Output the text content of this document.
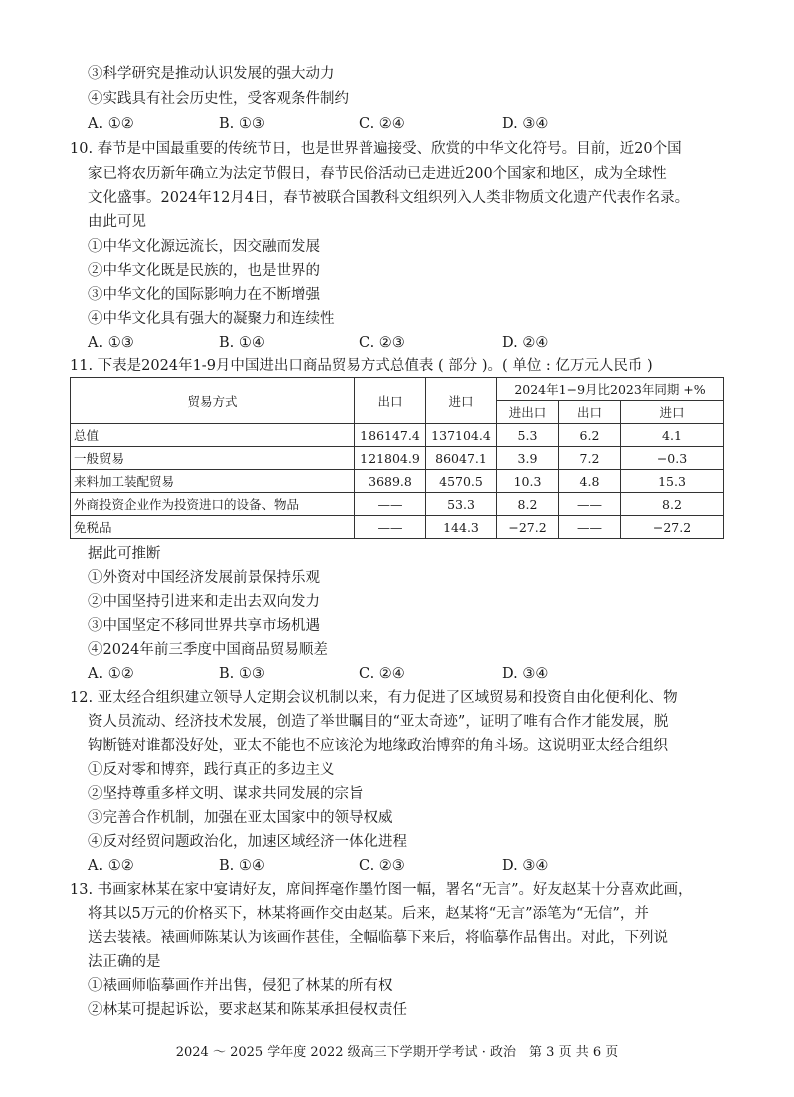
③科学研究是推动认识发展的强大动力
④实践具有社会历史性，受客观条件制约
A. ①②	B. ①③	C. ②④	D. ③④
10. 春节是中国最重要的传统节日，也是世界普遍接受、欣赏的中华文化符号。目前，近20个国
家已将农历新年确立为法定节假日，春节民俗活动已走进近200个国家和地区，成为全球性
文化盛事。2024年12月4日，春节被联合国教科文组织列入人类非物质文化遗产代表作名录。
由此可见
①中华文化源远流长，因交融而发展
②中华文化既是民族的，也是世界的
③中华文化的国际影响力在不断增强
④中华文化具有强大的凝聚力和连续性
A. ①③	B. ①④	C. ②③	D. ②④
11. 下表是2024年1-9月中国进出口商品贸易方式总值表 ( 部分 )。( 单位 : 亿万元人民币 )
贸易方式	出口	进口	2024年1−9月比2023年同期 +%		
			进出口	出口	进口
总值	186147.4	137104.4	5.3	6.2	4.1
一般贸易	121804.9	86047.1	3.9	7.2	−0.3
来料加工装配贸易	3689.8	4570.5	10.3	4.8	15.3
外商投资企业作为投资进口的设备、物品	——	53.3	8.2	——	8.2
免税品	——	144.3	−27.2	——	−27.2
据此可推断
①外资对中国经济发展前景保持乐观
②中国坚持引进来和走出去双向发力
③中国坚定不移同世界共享市场机遇
④2024年前三季度中国商品贸易顺差
A. ①②	B. ①③	C. ②④	D. ③④
12. 亚太经合组织建立领导人定期会议机制以来，有力促进了区域贸易和投资自由化便利化、物
资人员流动、经济技术发展，创造了举世瞩目的“亚太奇迹”，证明了唯有合作才能发展，脱
钩断链对谁都没好处，亚太不能也不应该沦为地缘政治博弈的角斗场。这说明亚太经合组织
①反对零和博弈，践行真正的多边主义
②坚持尊重多样文明、谋求共同发展的宗旨
③完善合作机制，加强在亚太国家中的领导权威
④反对经贸问题政治化，加速区域经济一体化进程
A. ①②	B. ①④	C. ②③	D. ③④
13. 书画家林某在家中宴请好友，席间挥毫作墨竹图一幅，署名“无言”。好友赵某十分喜欢此画，
将其以5万元的价格买下，林某将画作交由赵某。后来，赵某将“无言”添笔为“无信”，并
送去装裱。裱画师陈某认为该画作甚佳，全幅临摹下来后，将临摹作品售出。对此，下列说
法正确的是
①裱画师临摹画作并出售，侵犯了林某的所有权
②林某可提起诉讼，要求赵某和陈某承担侵权责任
2024 ～ 2025 学年度 2022 级高三下学期开学考试 · 政治　第 3 页 共 6 页
